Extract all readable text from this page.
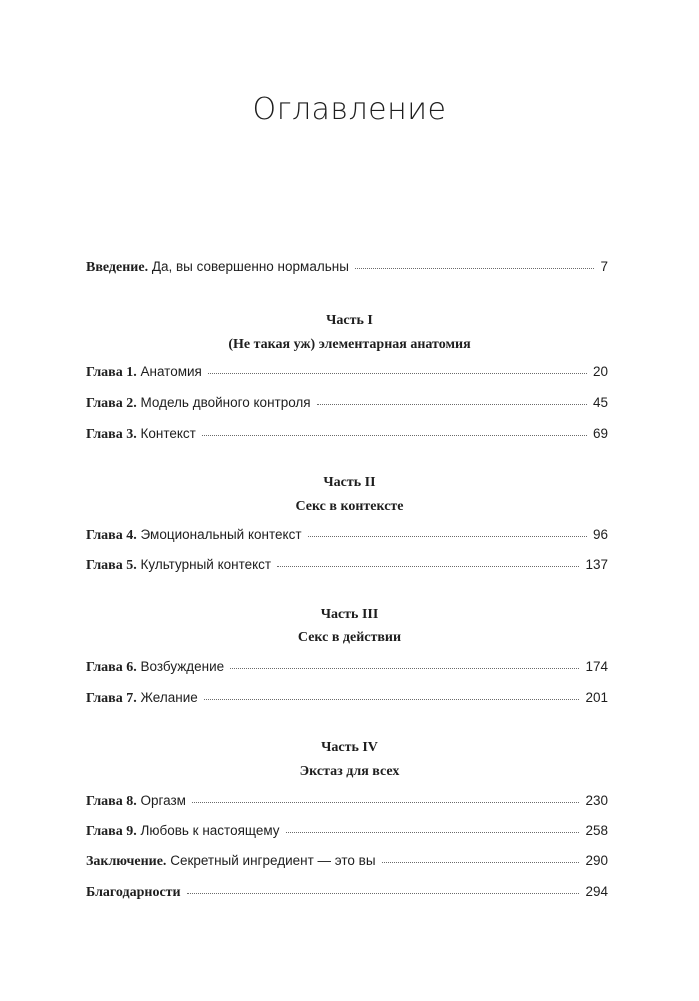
Оглавление
Введение. Да, вы совершенно нормальны	7
Часть I
(Не такая уж) элементарная анатомия
Глава 1. Анатомия	20
Глава 2. Модель двойного контроля	45
Глава 3. Контекст	69
Часть II
Секс в контексте
Глава 4. Эмоциональный контекст	96
Глава 5. Культурный контекст	137
Часть III
Секс в действии
Глава 6. Возбуждение	174
Глава 7. Желание	201
Часть IV
Экстаз для всех
Глава 8. Оргазм	230
Глава 9. Любовь к настоящему	258
Заключение. Секретный ингредиент — это вы	290
Благодарности	294
